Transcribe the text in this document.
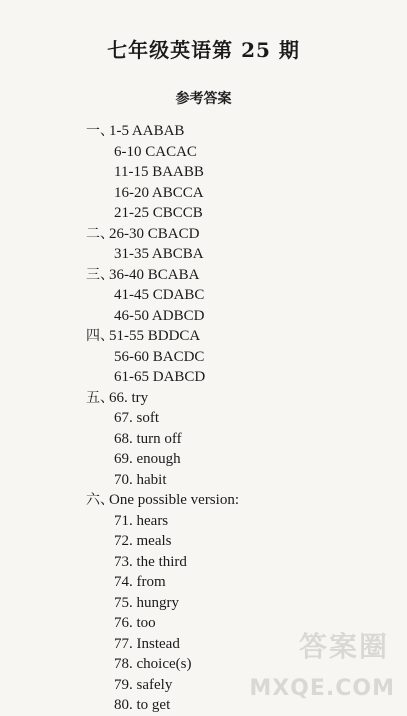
七年级英语第 25 期
参考答案
一、
1-5 AABAB
6-10 CACAC
11-15 BAABB
16-20 ABCCA
21-25 CBCCB
二、
26-30 CBACD
31-35 ABCBA
三、
36-40 BCABA
41-45 CDABC
46-50 ADBCD
四、
51-55 BDDCA
56-60 BACDC
61-65 DABCD
五、
66. try
67. soft
68. turn off
69. enough
70. habit
六、
One possible version:
71. hears
72. meals
73. the third
74. from
75. hungry
76. too
77. Instead
78. choice(s)
79. safely
80. to get
答案圈
MXQE.COM
